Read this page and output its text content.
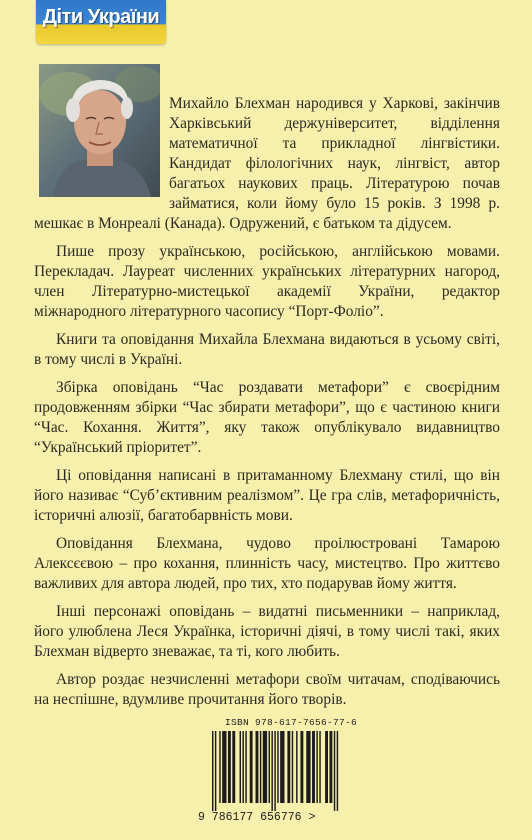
Діти України

Михайло Блехман народився у Харкові, закінчив Харківський держуніверситет, відділення математичної та прикладної лінгвістики. Кандидат філологічних наук, лінгвіст, автор багатьох наукових праць. Літературою почав займатися, коли йому було 15 років. З 1998 р. мешкає в Монреалі (Канада). Одружений, є батьком та дідусем.

Пише прозу українською, російською, англійською мовами. Перекладач. Лауреат численних українських літературних нагород, член Літературно-мистецької академії України, редактор міжнародного літературного часопису “Порт-Фоліо”.

Книги та оповідання Михайла Блехмана видаються в усьому світі, в тому числі в Україні.

Збірка оповідань “Час роздавати метафори” є своєрідним продовженням збірки “Час збирати метафори”, що є частиною книги “Час. Кохання. Життя”, яку також опублікувало видавництво “Український пріоритет”.

Ці оповідання написані в притаманному Блехману стилі, що він його називає “Суб’єктивним реалізмом”. Це гра слів, метафоричність, історичні алюзії, багатобарвність мови.

Оповідання Блехмана, чудово проілюстровані Тамарою Алексєєвою – про кохання, плинність часу, мистецтво. Про життєво важливих для автора людей, про тих, хто подарував йому життя.

Інші персонажі оповідань – видатні письменники – наприклад, його улюблена Леся Українка, історичні діячі, в тому числі такі, яких Блехман відверто зневажає, та ті, кого любить.

Автор роздає незчисленні метафори своїм читачам, сподіваючись на неспішне, вдумливе прочитання його творів.

ISBN 978-617-7656-77-6
9 786177 656776 >
